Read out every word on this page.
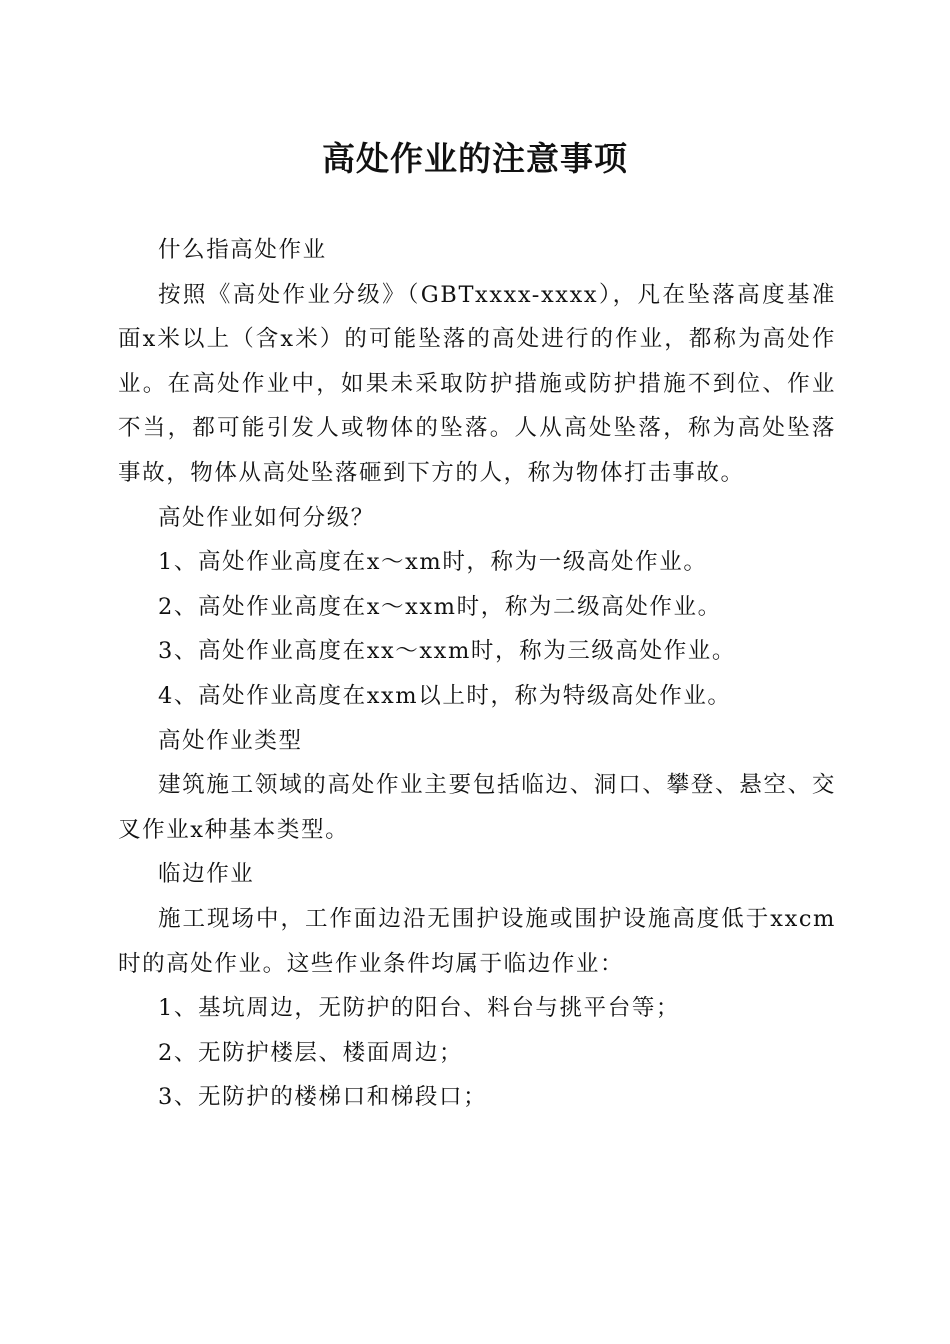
高处作业的注意事项

什么指高处作业

按照《高处作业分级》（GBTxxxx-xxxx），凡在坠落高度基准面x米以上（含x米）的可能坠落的高处进行的作业，都称为高处作业。在高处作业中，如果未采取防护措施或防护措施不到位、作业不当，都可能引发人或物体的坠落。人从高处坠落，称为高处坠落事故，物体从高处坠落砸到下方的人，称为物体打击事故。

高处作业如何分级？

1、高处作业高度在x～xm时，称为一级高处作业。

2、高处作业高度在x～xxm时，称为二级高处作业。

3、高处作业高度在xx～xxm时，称为三级高处作业。

4、高处作业高度在xxm以上时，称为特级高处作业。

高处作业类型

建筑施工领域的高处作业主要包括临边、洞口、攀登、悬空、交叉作业x种基本类型。

临边作业

施工现场中，工作面边沿无围护设施或围护设施高度低于xxcm时的高处作业。这些作业条件均属于临边作业：

1、基坑周边，无防护的阳台、料台与挑平台等；

2、无防护楼层、楼面周边；

3、无防护的楼梯口和梯段口；
